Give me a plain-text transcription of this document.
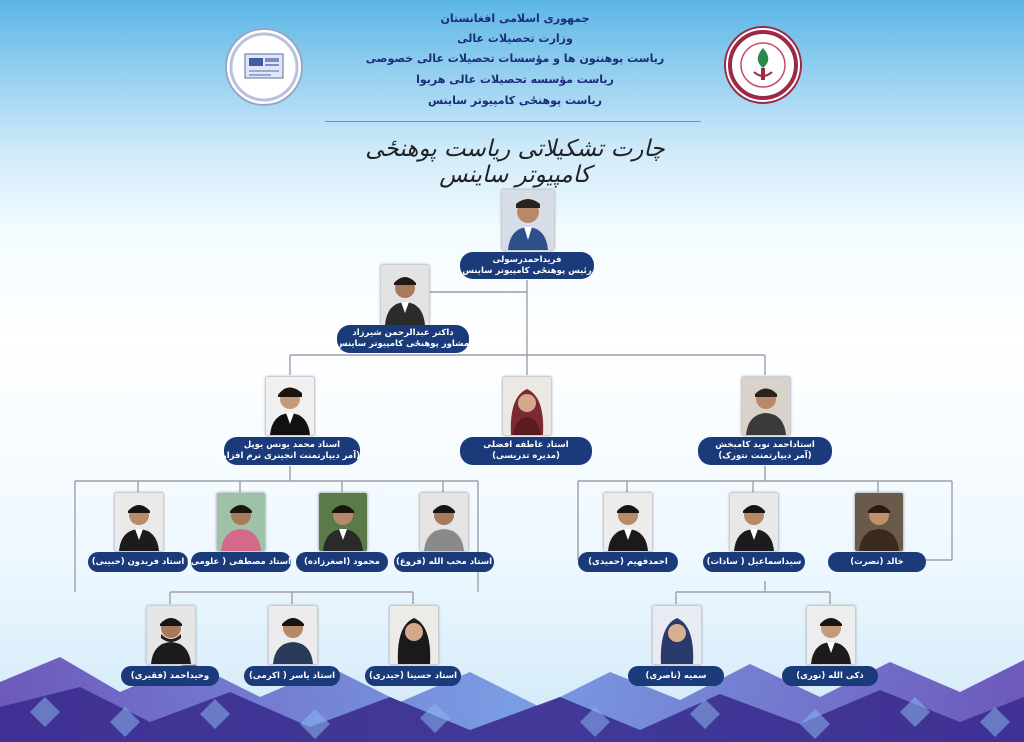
جمهوری اسلامی افغانستان
وزارت تحصیلات عالی
ریاست پوهنتون ها و مؤسسات تحصیلات عالی خصوصی
ریاست مؤسسه تحصیلات عالی هریوا
ریاست پوهنځی کامپیوتر ساینس
چارت تشکیلاتی ریاست پوهنځی کامپیوتر ساینس
فریداحمدرسولی
رئیس پوهنځی کامپیوتر ساینس
داکتر عبدالرحمن شیرزاد
مشاور پوهنځی کامپیوتر ساینس
استاد محمد یونس یوپل
(آمر دیپارتمنت انجینری نرم افزار)
استاد عاطفه افضلی
(مدیره تدریسی)
استاداحمد نوید کامبخش
(آمر دیپارتمنت نتورک)
استاد فریدون (حبیبی) استاد مصطفی ( علومی)	محمود (اصغرزاده)	استاد محب الله (فروغ)	احمدفهیم (حمیدی)	سیداسماعیل ( سادات)	خالد (نصرت)
وحیداحمد (فقیری)	استاد یاسر ( اکرمی)	استاد حسینا (حیدری)	سمیه (ناصری)	ذکی الله (نوری)
